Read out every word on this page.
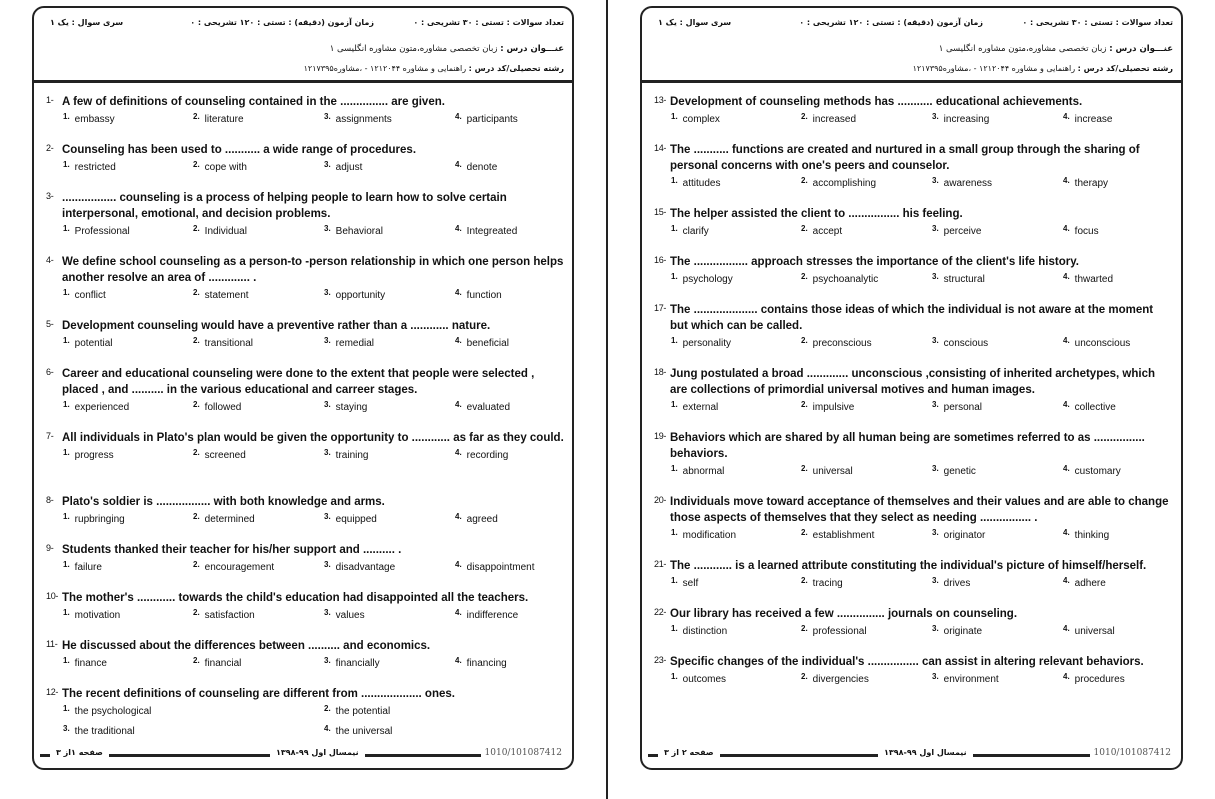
تعداد سوالات : تستی : ۳۰ تشریحی : ۰
زمان آزمون (دقیقه) : تستی : ۱۲۰ تشریحی : ۰
سری سوال : یک ۱
عنـــوان درس : زبان تخصصی مشاوره،متون مشاوره انگلیسی ۱
رشته تحصیلی/کد درس : راهنمایی و مشاوره ۱۲۱۲۰۴۴ - ،مشاوره۱۲۱۷۳۹۵
1- A few of definitions of counseling contained in the ............... are given.
$^{1.}$ embassy	$^{2.}$ literature	$^{3.}$ assignments	$^{4.}$ participants
2- Counseling has been used to ........... a wide range of procedures.
$^{1.}$ restricted	$^{2.}$ cope with	$^{3.}$ adjust	$^{4.}$ denote
3- ................. counseling is a process of helping people to learn how to solve certain interpersonal, emotional, and decision problems.
$^{1.}$ Professional	$^{2.}$ Individual	$^{3.}$ Behavioral	$^{4.}$ Integreated
4- We define school counseling as a person-to -person relationship in which one person helps another resolve an area of ............. .
$^{1.}$ conflict	$^{2.}$ statement	$^{3.}$ opportunity	$^{4.}$ function
5- Development counseling would have a preventive rather than a ............ nature.
$^{1.}$ potential	$^{2.}$ transitional	$^{3.}$ remedial	$^{4.}$ beneficial
6- Career and educational counseling were done to the extent that people were selected , placed , and .......... in the various educational and carreer stages.
$^{1.}$ experienced	$^{2.}$ followed	$^{3.}$ staying	$^{4.}$ evaluated
7- All individuals in Plato's plan would be given the opportunity to ............ as far as they could.
$^{1.}$ progress	$^{2.}$ screened	$^{3.}$ training	$^{4.}$ recording
8- Plato's soldier is ................. with both knowledge and arms.
$^{1.}$ rupbringing	$^{2.}$ determined	$^{3.}$ equipped	$^{4.}$ agreed
9- Students thanked their teacher for his/her support and .......... .
$^{1.}$ failure	$^{2.}$ encouragement	$^{3.}$ disadvantage	$^{4.}$ disappointment
10- The mother's ............ towards the child's education had disappointed all the teachers.
$^{1.}$ motivation	$^{2.}$ satisfaction	$^{3.}$ values	$^{4.}$ indifference
11- He discussed about the differences between .......... and economics.
$^{1.}$ finance	$^{2.}$ financial	$^{3.}$ financially	$^{4.}$ financing
12- The recent definitions of counseling are different from ................... ones.
$^{1.}$ the psychological	$^{2.}$ the potential
$^{3.}$ the traditional	$^{4.}$ the universal
صفحه ۱از ۳	نیمسال اول ۹۹-۱۳۹۸	1010/101087412
تعداد سوالات : تستی : ۳۰ تشریحی : ۰
زمان آزمون (دقیقه) : تستی : ۱۲۰ تشریحی : ۰
سری سوال : یک ۱
عنـــوان درس : زبان تخصصی مشاوره،متون مشاوره انگلیسی ۱
رشته تحصیلی/کد درس : راهنمایی و مشاوره ۱۲۱۲۰۴۴ - ،مشاوره۱۲۱۷۳۹۵
13- Development of counseling methods has ........... educational achievements.
$^{1.}$ complex	$^{2.}$ increased	$^{3.}$ increasing	$^{4.}$ increase
14- The ........... functions are created and nurtured in a small group through the sharing of personal concerns with one's peers and counselor.
$^{1.}$ attitudes	$^{2.}$ accomplishing	$^{3.}$ awareness	$^{4.}$ therapy
15- The helper assisted the client to ................ his feeling.
$^{1.}$ clarify	$^{2.}$ accept	$^{3.}$ perceive	$^{4.}$ focus
16- The ................. approach stresses the importance of the client's life history.
$^{1.}$ psychology	$^{2.}$ psychoanalytic	$^{3.}$ structural	$^{4.}$ thwarted
17- The .................... contains those ideas of which the individual is not aware at the moment but which can be called.
$^{1.}$ personality	$^{2.}$ preconscious	$^{3.}$ conscious	$^{4.}$ unconscious
18- Jung postulated a broad ............. unconscious ,consisting of inherited archetypes, which are collections of primordial universal motives and human images.
$^{1.}$ external	$^{2.}$ impulsive	$^{3.}$ personal	$^{4.}$ collective
19- Behaviors which are shared by all human being are sometimes referred to as ................ behaviors.
$^{1.}$ abnormal	$^{2.}$ universal	$^{3.}$ genetic	$^{4.}$ customary
20- Individuals move toward acceptance of themselves and their values and are able to change those aspects of themselves that they select as needing ................ .
$^{1.}$ modification	$^{2.}$ establishment	$^{3.}$ originator	$^{4.}$ thinking
21- The ............ is a learned attribute constituting the individual's picture of himself/herself.
$^{1.}$ self	$^{2.}$ tracing	$^{3.}$ drives	$^{4.}$ adhere
22- Our library has received a few ............... journals on counseling.
$^{1.}$ distinction	$^{2.}$ professional	$^{3.}$ originate	$^{4.}$ universal
23- Specific changes of the individual's ................ can assist in altering relevant behaviors.
$^{1.}$ outcomes	$^{2.}$ divergencies	$^{3.}$ environment	$^{4.}$ procedures
صفحه ۲ از ۳	نیمسال اول ۹۹-۱۳۹۸	1010/101087412
